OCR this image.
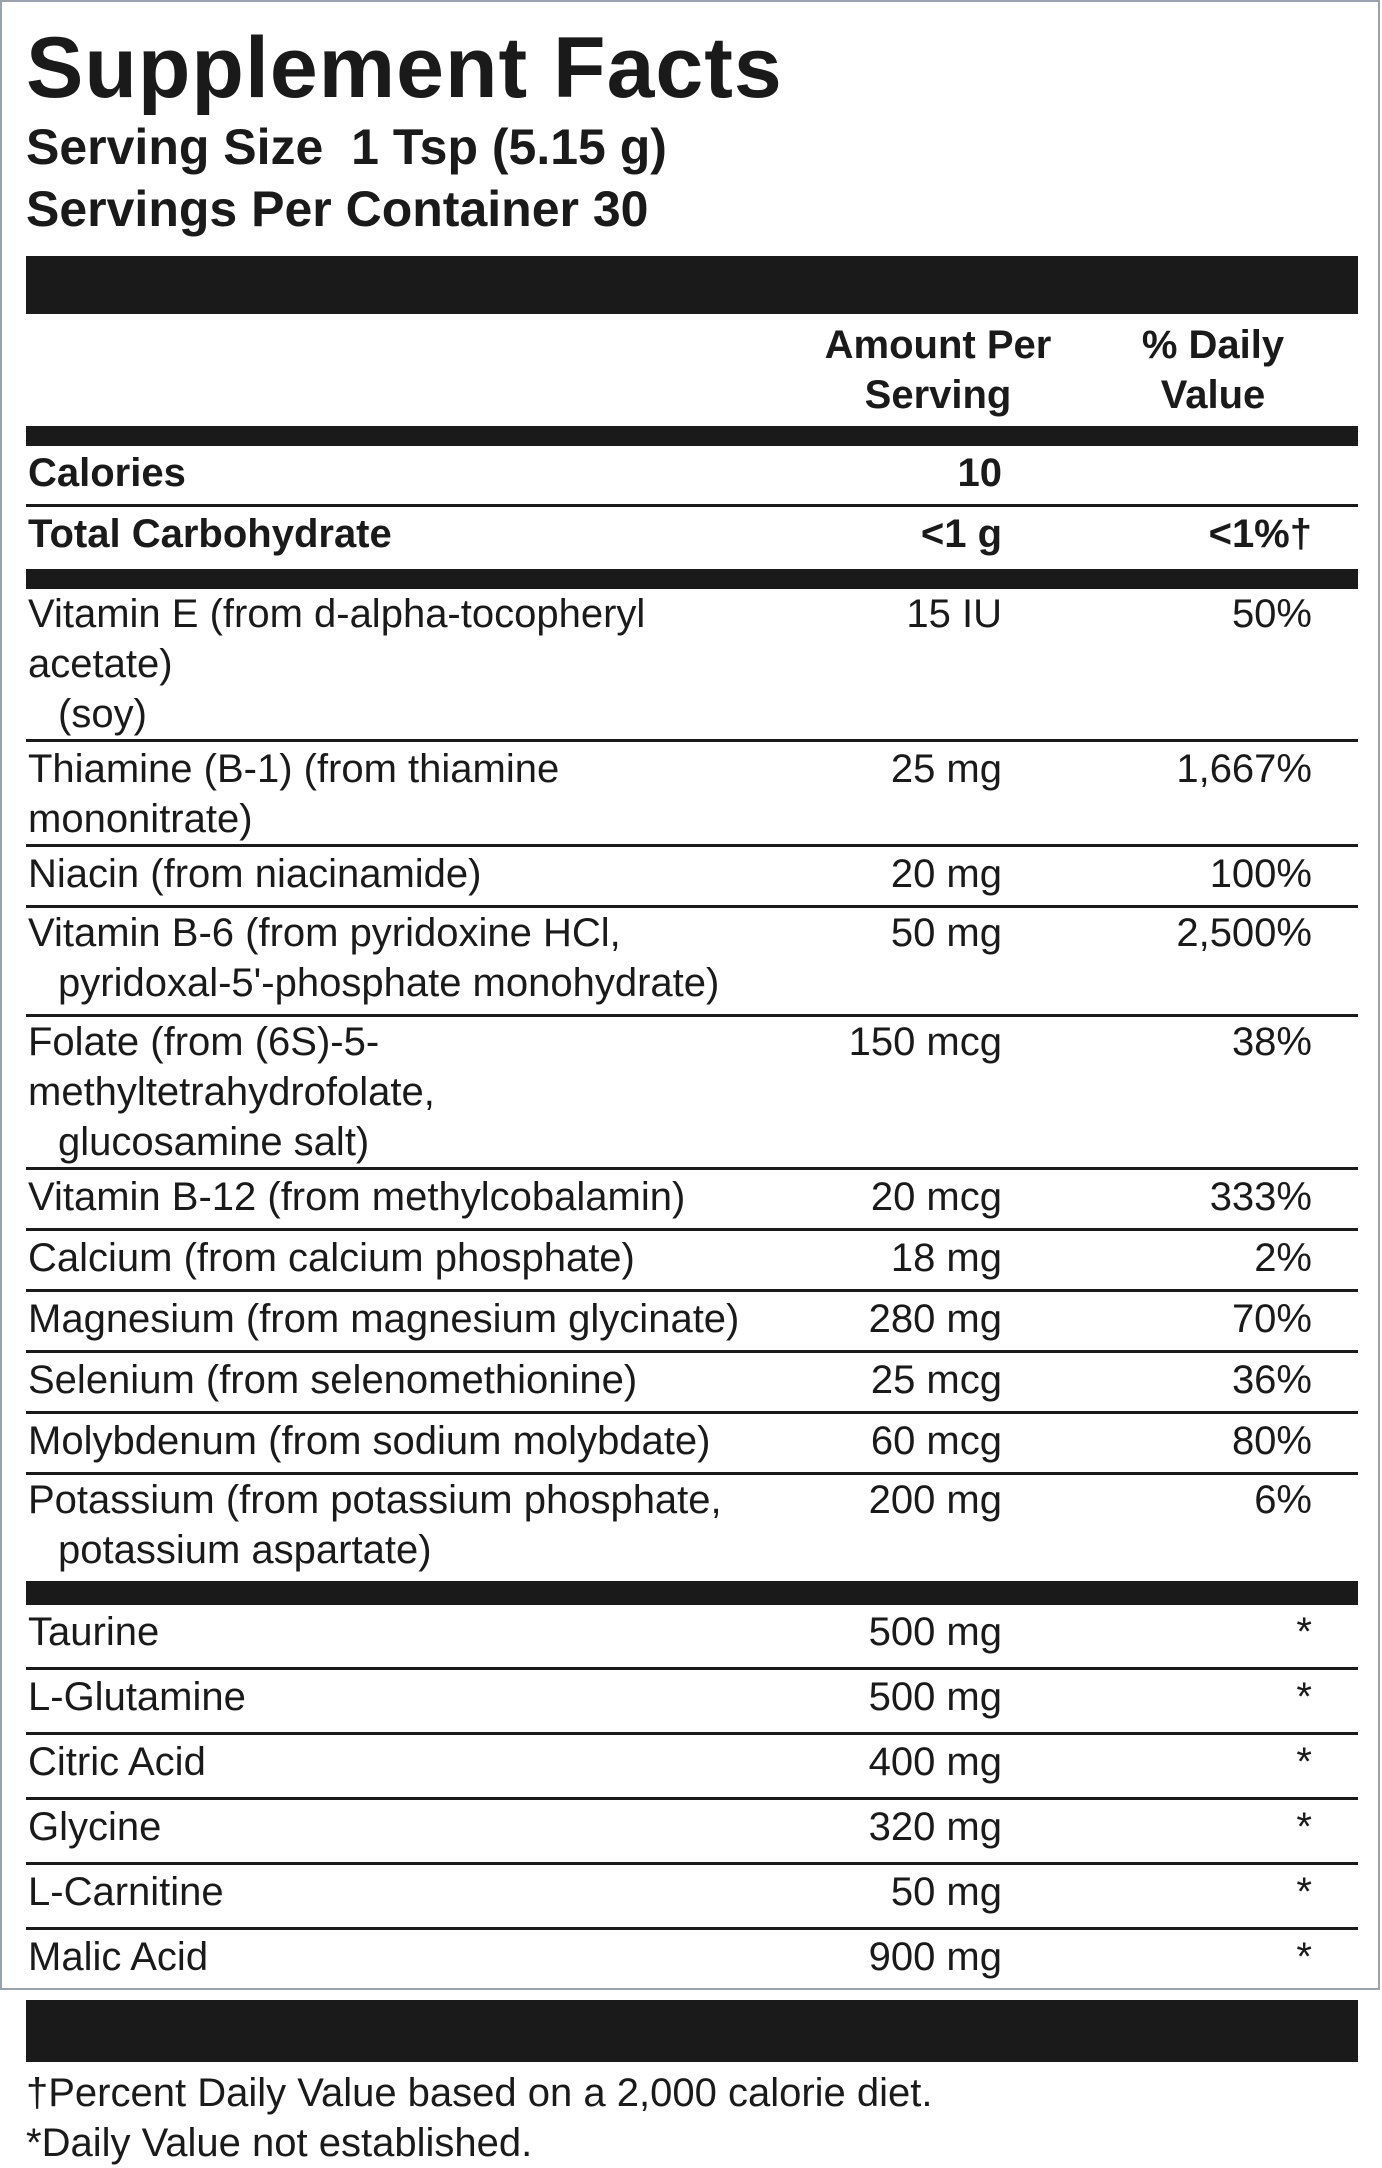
Supplement Facts

Serving Size  1 Tsp (5.15 g)

Servings Per Container 30

Amount Per
Serving
% Daily
Value
Calories	10
Total Carbohydrate	<1 g	<1%†
Vitamin E (from d-alpha-tocopheryl acetate)
(soy)
15 IU	50%
Thiamine (B-1) (from thiamine mononitrate)
25 mg	1,667%
Niacin (from niacinamide)	20 mg	100%
Vitamin B-6 (from pyridoxine HCl,
pyridoxal-5'-phosphate monohydrate)
50 mg	2,500%
Folate (from (6S)-5-methyltetrahydrofolate,
glucosamine salt)
150 mcg	38%
Vitamin B-12 (from methylcobalamin)	20 mcg	333%
Calcium (from calcium phosphate)	18 mg	2%
Magnesium (from magnesium glycinate)	280 mg	70%
Selenium (from selenomethionine)	25 mcg	36%
Molybdenum (from sodium molybdate)	60 mcg	80%
Potassium (from potassium phosphate,
potassium aspartate)
200 mg	6%
Taurine	500 mg	*
L-Glutamine	500 mg	*
Citric Acid	400 mg	*
Glycine	320 mg	*
L-Carnitine	50 mg	*
Malic Acid	900 mg	*

†Percent Daily Value based on a 2,000 calorie diet.

*Daily Value not established.
